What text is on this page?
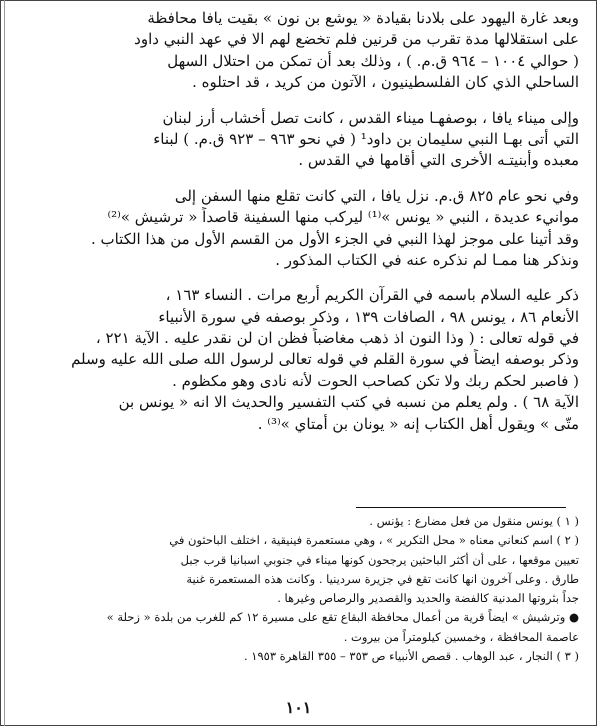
وبعد غارة اليهود على بلادنا بقيادة « يوشع بن نون » بقيت يافا محافظة
على استقلالها مدة تقرب من قرنين فلم تخضع لهم الا في عهد النبي داود
( حوالي ١٠٠٤ – ٩٦٤ ق.م. ) ، وذلك بعد أن تمكن من احتلال السهل
الساحلي الذي كان الفلسطينيون ، الآتون من كريد ، قد احتلوه .
وإلى ميناء يافا ، بوصفهـا ميناء القدس ، كانت تصل أخشاب أرز لبنان
التي أتى بهـا النبي سليمان بن داود¹ ( في نحو ٩٦٣ – ٩٢٣ ق.م. ) لبناء
معبده وأبنيتـه الأخرى التي أقامها في القدس .
وفي نحو عام ٨٢٥ ق.م. نزل يافا ، التي كانت تقلع منها السفن إلى
موانيء عديدة ، النبي « يونس »⁽¹⁾ ليركب منها السفينة قاصداً « ترشيش »⁽²⁾
وقد أتينا على موجز لهذا النبي في الجزء الأول من القسم الأول من هذا الكتاب .
ونذكر هنا ممـا لم نذكره عنه في الكتاب المذكور .
ذكر عليه السلام باسمه في القرآن الكريم أربع مرات . النساء ١٦٣ ،
الأنعام ٨٦ ، يونس ٩٨ ، الصافات ١٣٩ ، وذكر بوصفه في سورة الأنبياء
في قوله تعالى : ( وذا النون اذ ذهب مغاضباً فظن ان لن نقدر عليه . الآية ٢٢١ ،
وذكر بوصفه ايضاً في سورة القلم في قوله تعالى لرسول الله صلى الله عليه وسلم
( فاصبر لحكم ربك ولا تكن كصاحب الحوت لأنه نادى وهو مكظوم .
الآية ٦٨ ) . ولم يعلم من نسبه في كتب التفسير والحديث الا انه « يونس بن
متّى » ويقول أهل الكتاب إنه « يونان بن أمتاي »⁽³⁾ .
( ١ ) يونس منقول من فعل مضارع : يؤنس .
( ٢ ) اسم كنعاني معناه « محل التكرير » ، وهي مستعمرة فينيقية ، اختلف الباحثون في
تعيين موقعها ، على أن أكثر الباحثين يرجحون كونها ميناء في جنوبي اسبانيا قرب جبل
طارق . وعلى آخرون انها كانت تقع في جزيرة سردينيا . وكانت هذه المستعمرة غنية
جداً بثروتها المدنية كالفضة والحديد والقصدير والرصاص وغيرها .
● وترشيش » ايضاً قرية من أعمال محافظة البقاع تقع على مسيرة ١٢ كم للغرب من بلدة « زحلة »
عاصمة المحافظة ، وخمسين كيلومتراً من بيروت .
( ٣ ) النجار ، عبد الوهاب . قصص الأنبياء ص ٣٥٣ – ٣٥٥ القاهرة ١٩٥٣ .
١٠١
